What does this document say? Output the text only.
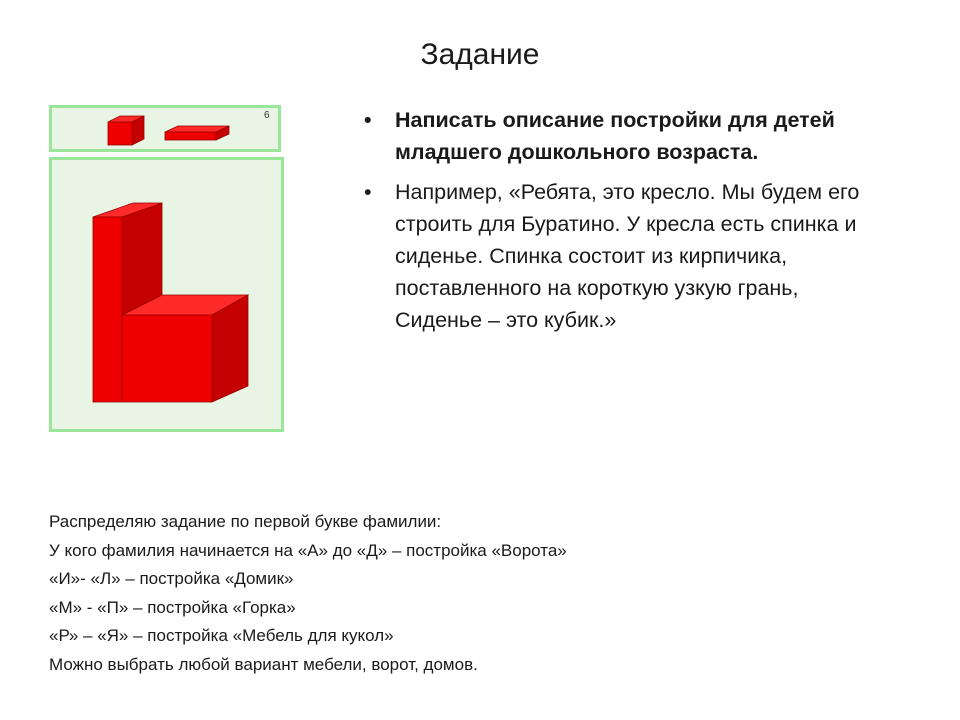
Задание
6	• Написать описание постройки для детей младшего дошкольного возраста.
• Например, «Ребята, это кресло. Мы будем его строить для Буратино. У кресла есть спинка и сиденье. Спинка состоит из кирпичика, поставленного на короткую узкую грань, Сиденье – это кубик.»
Распределяю задание по первой букве фамилии:
У кого фамилия начинается на «А» до «Д» – постройка «Ворота»
«И»- «Л» – постройка «Домик»
«М» - «П» – постройка «Горка»
«Р» – «Я» – постройка «Мебель для кукол»
Можно выбрать любой вариант мебели, ворот, домов.
